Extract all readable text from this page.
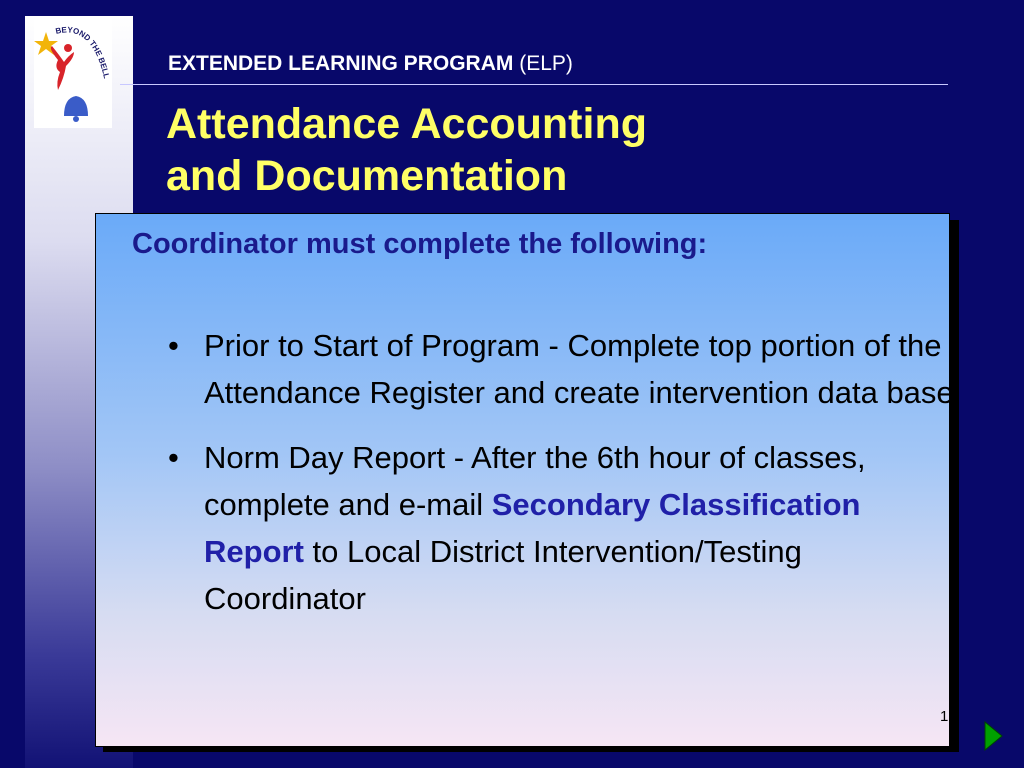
BEYOND THE BELL
EXTENDED LEARNING PROGRAM (ELP)
Attendance Accounting
and Documentation
Coordinator must complete the following:
• Prior to Start of Program - Complete top portion of the Attendance Register and create intervention data base
• Norm Day Report - After the 6th hour of classes, complete and e-mail Secondary Classification Report to Local District Intervention/Testing Coordinator
17
